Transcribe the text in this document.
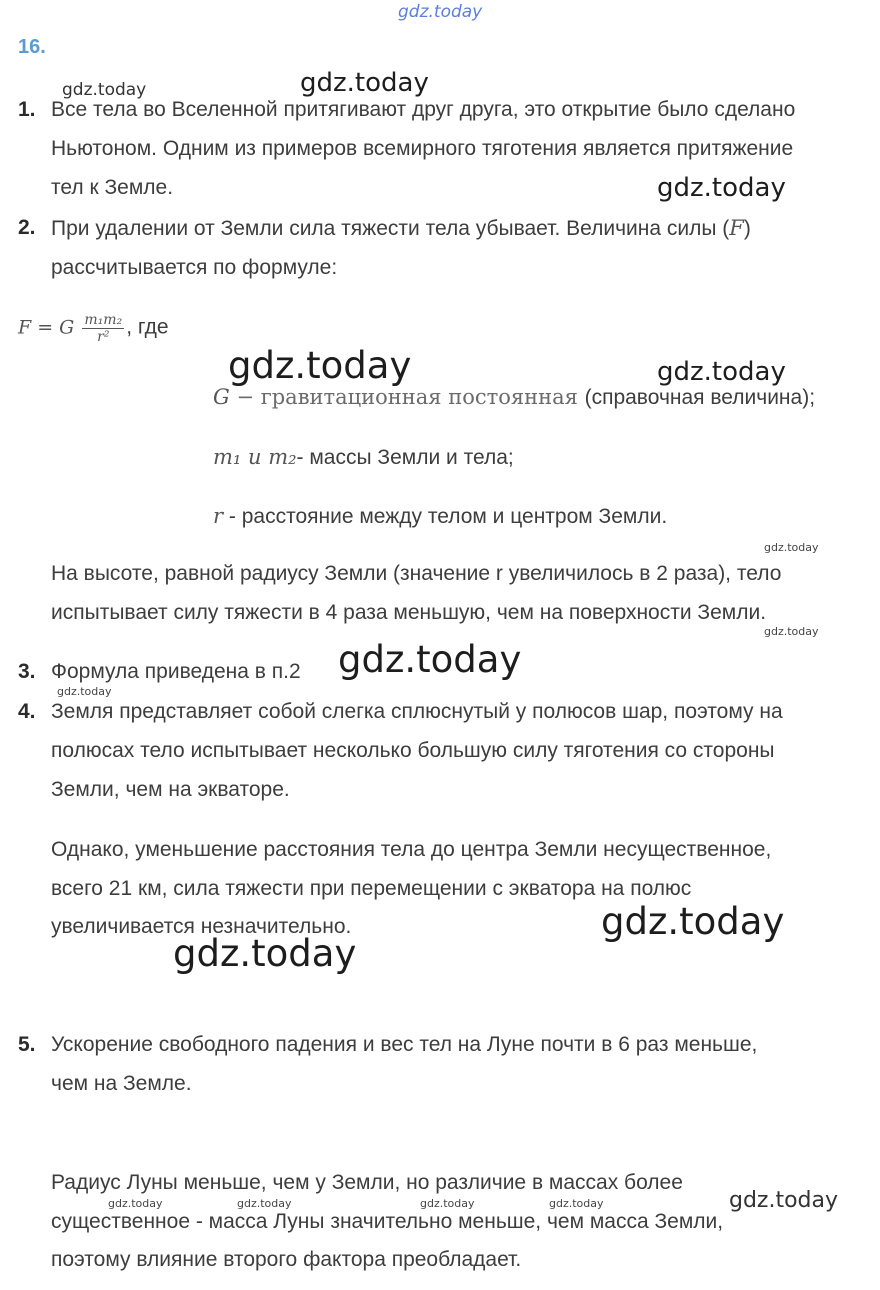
gdz.today
gdz.today	gdz.today
gdz.today
gdz.today	gdz.today
gdz.today
gdz.today
gdz.today
gdz.today
gdz.today
gdz.today
gdz.today
gdz.today	gdz.today	gdz.today	gdz.today
16.
1. Все тела во Вселенной притягивают друг друга, это открытие было сделано
Ньютоном. Одним из примеров всемирного тяготения является притяжение
тел к Земле.
2. При удалении от Земли сила тяжести тела убывает. Величина силы (F)
рассчитывается по формуле:
F = G $\frac{\text{m₁m₂}}{\text{r²}}$ , где
G − гравитационная постоянная (справочная величина);
m₁ и m₂- массы Земли и тела;
r - расстояние между телом и центром Земли.
На высоте, равной радиусу Земли (значение r увеличилось в 2 раза), тело
испытывает силу тяжести в 4 раза меньшую, чем на поверхности Земли.
3. Формула приведена в п.2
4. Земля представляет собой слегка сплюснутый у полюсов шар, поэтому на
полюсах тело испытывает несколько большую силу тяготения со стороны
Земли, чем на экваторе.
Однако, уменьшение расстояния тела до центра Земли несущественное,
всего 21 км, сила тяжести при перемещении с экватора на полюс
увеличивается незначительно.
5. Ускорение свободного падения и вес тел на Луне почти в 6 раз меньше,
чем на Земле.
Радиус Луны меньше, чем у Земли, но различие в массах более
существенное - масса Луны значительно меньше, чем масса Земли,
поэтому влияние второго фактора преобладает.
